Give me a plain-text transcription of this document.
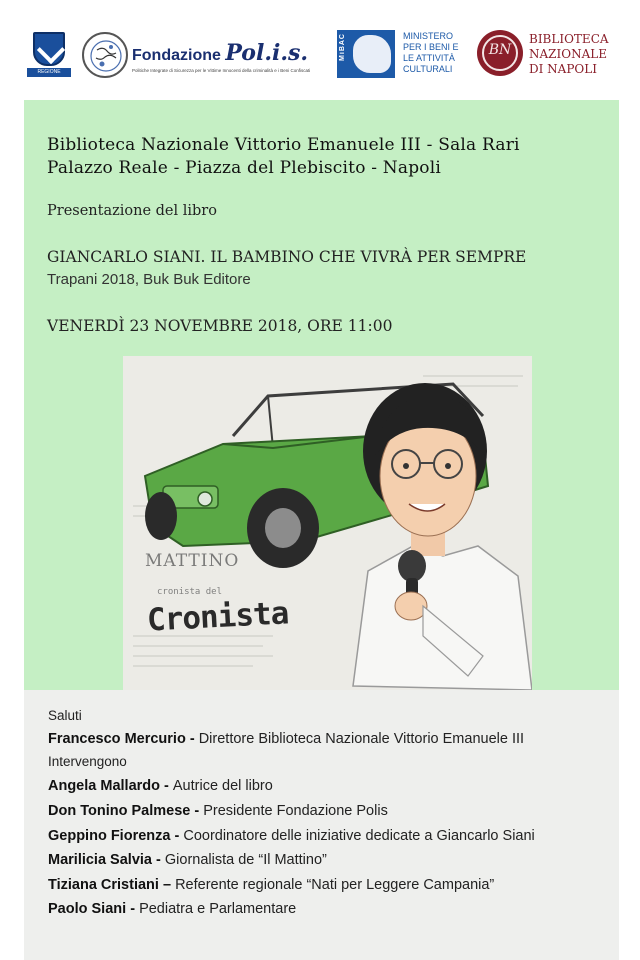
REGIONE CAMPANIA
Fondazione Pol.i.s.
Politiche Integrate di Sicurezza per le Vittime Innocenti della criminalità e i Beni Confiscati
MiBAC	MINISTERO
PER I BENI E
LE ATTIVITÀ
CULTURALI
BN
BIBLIOTECA
NAZIONALE
DI NAPOLI
Biblioteca Nazionale Vittorio Emanuele III - Sala Rari
Palazzo Reale - Piazza del Plebiscito - Napoli
Presentazione del libro
GIANCARLO SIANI. IL BAMBINO CHE VIVRÀ PER SEMPRE
Trapani 2018, Buk Buk Editore
VENERDÌ 23 NOVEMBRE 2018, ORE 11:00
MATTINO
cronista del
Cronista
Saluti
Francesco Mercurio - Direttore Biblioteca Nazionale Vittorio Emanuele III
Intervengono
Angela Mallardo - Autrice del libro
Don Tonino Palmese - Presidente Fondazione Polis
Geppino Fiorenza - Coordinatore delle iniziative dedicate a Giancarlo Siani
Marilicia Salvia - Giornalista de “Il Mattino”
Tiziana Cristiani – Referente regionale “Nati per Leggere Campania”
Paolo Siani - Pediatra e Parlamentare
